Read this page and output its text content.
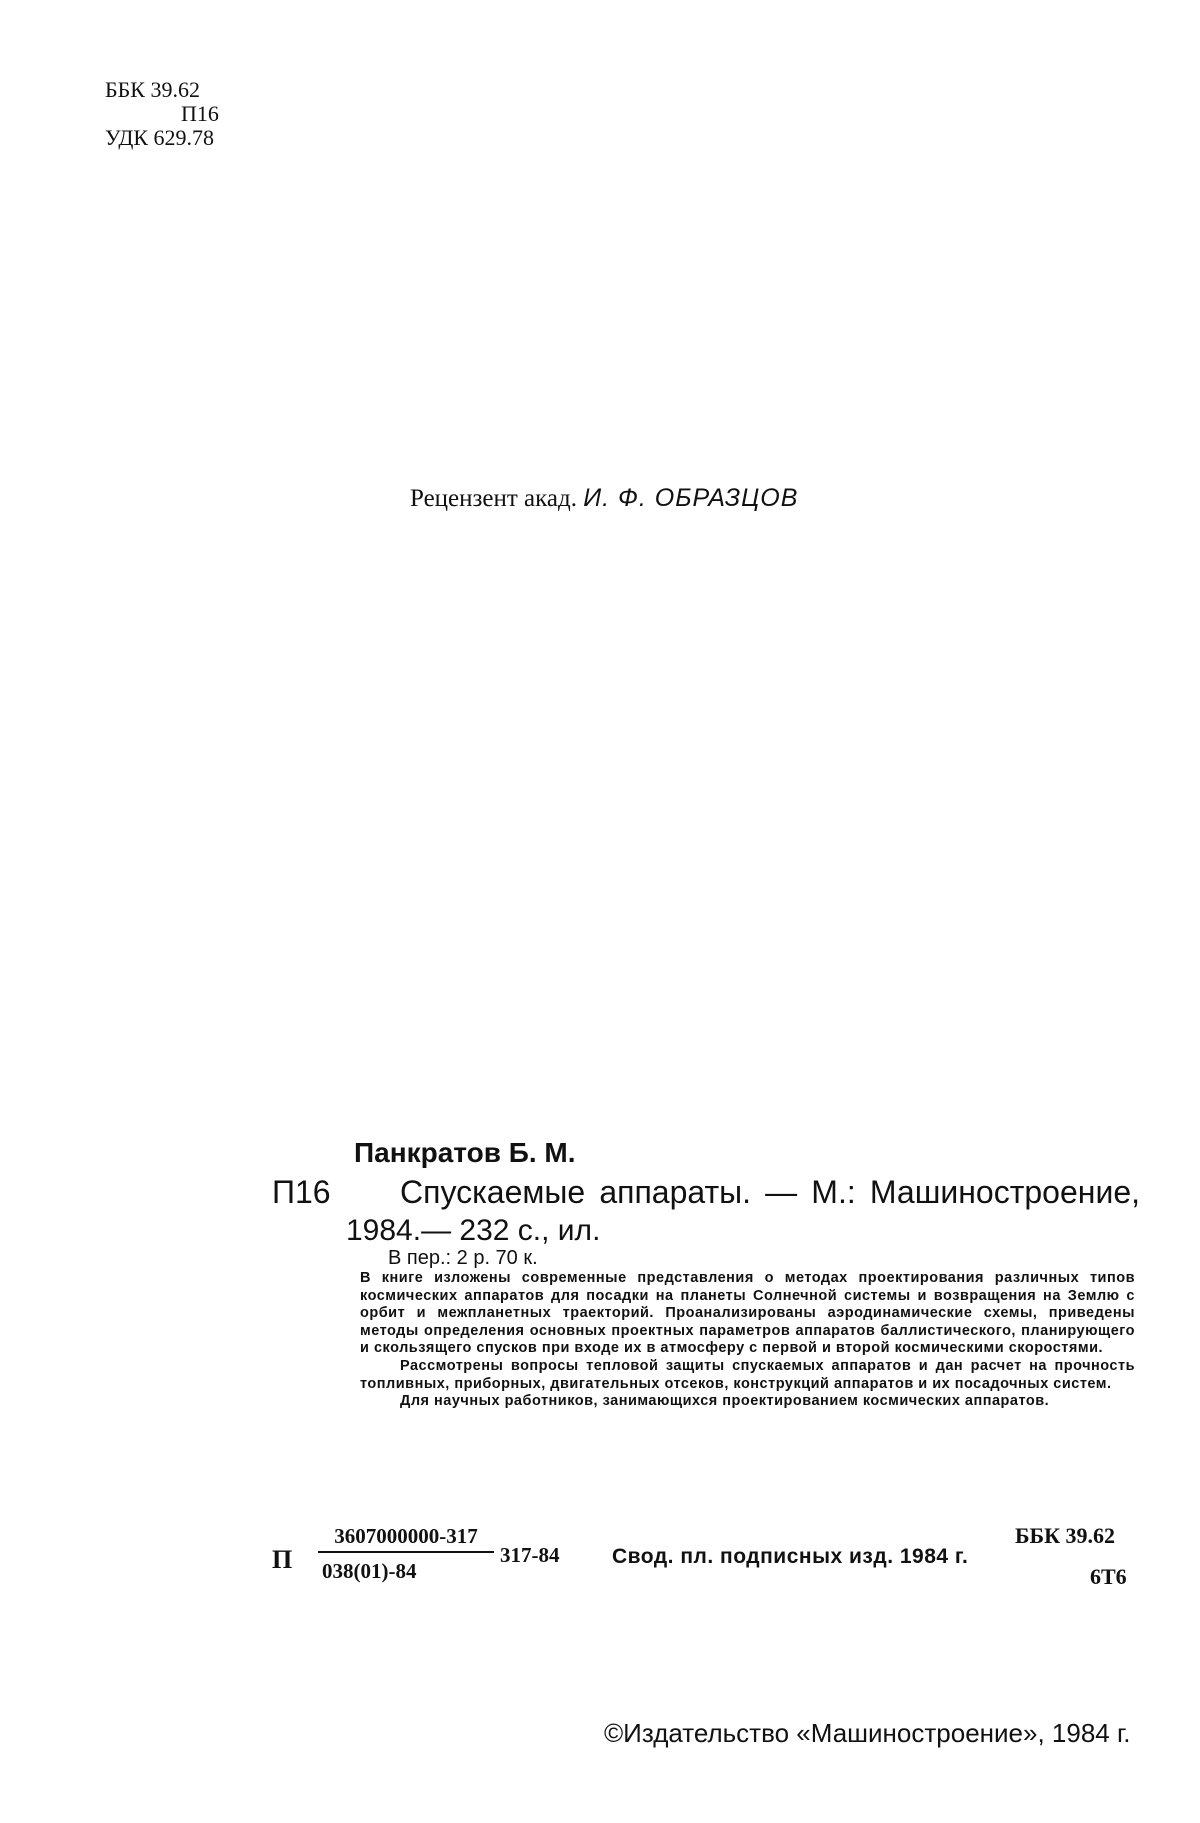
ББК 39.62
П16
УДК 629.78
Рецензент акад. И. Ф. ОБРАЗЦОВ
Панкратов Б. М.
П16 Спускаемые аппараты. — М.: Машиностроение,
1984.— 232 с., ил.
В пер.: 2 р. 70 к.

В книге изложены современные представления о методах проектирования различных типов космических аппаратов для посадки на планеты Солнечной системы и возвращения на Землю с орбит и межпланетных траекторий. Проанализированы аэродинамические схемы, приведены методы определения основных проектных параметров аппаратов баллистического, планирующего и скользящего спусков при входе их в атмосферу с первой и второй космическими скоростями.

Рассмотрены вопросы тепловой защиты спускаемых аппаратов и дан расчет на прочность топливных, приборных, двигательных отсеков, конструкций аппаратов и их посадочных систем.

Для научных работников, занимающихся проектированием космических аппаратов.

П
3607000000-317
038(01)-84
317-84	Свод. пл. подписных изд. 1984 г.
ББК 39.62
6Т6
©Издательство «Машиностроение», 1984 г.
